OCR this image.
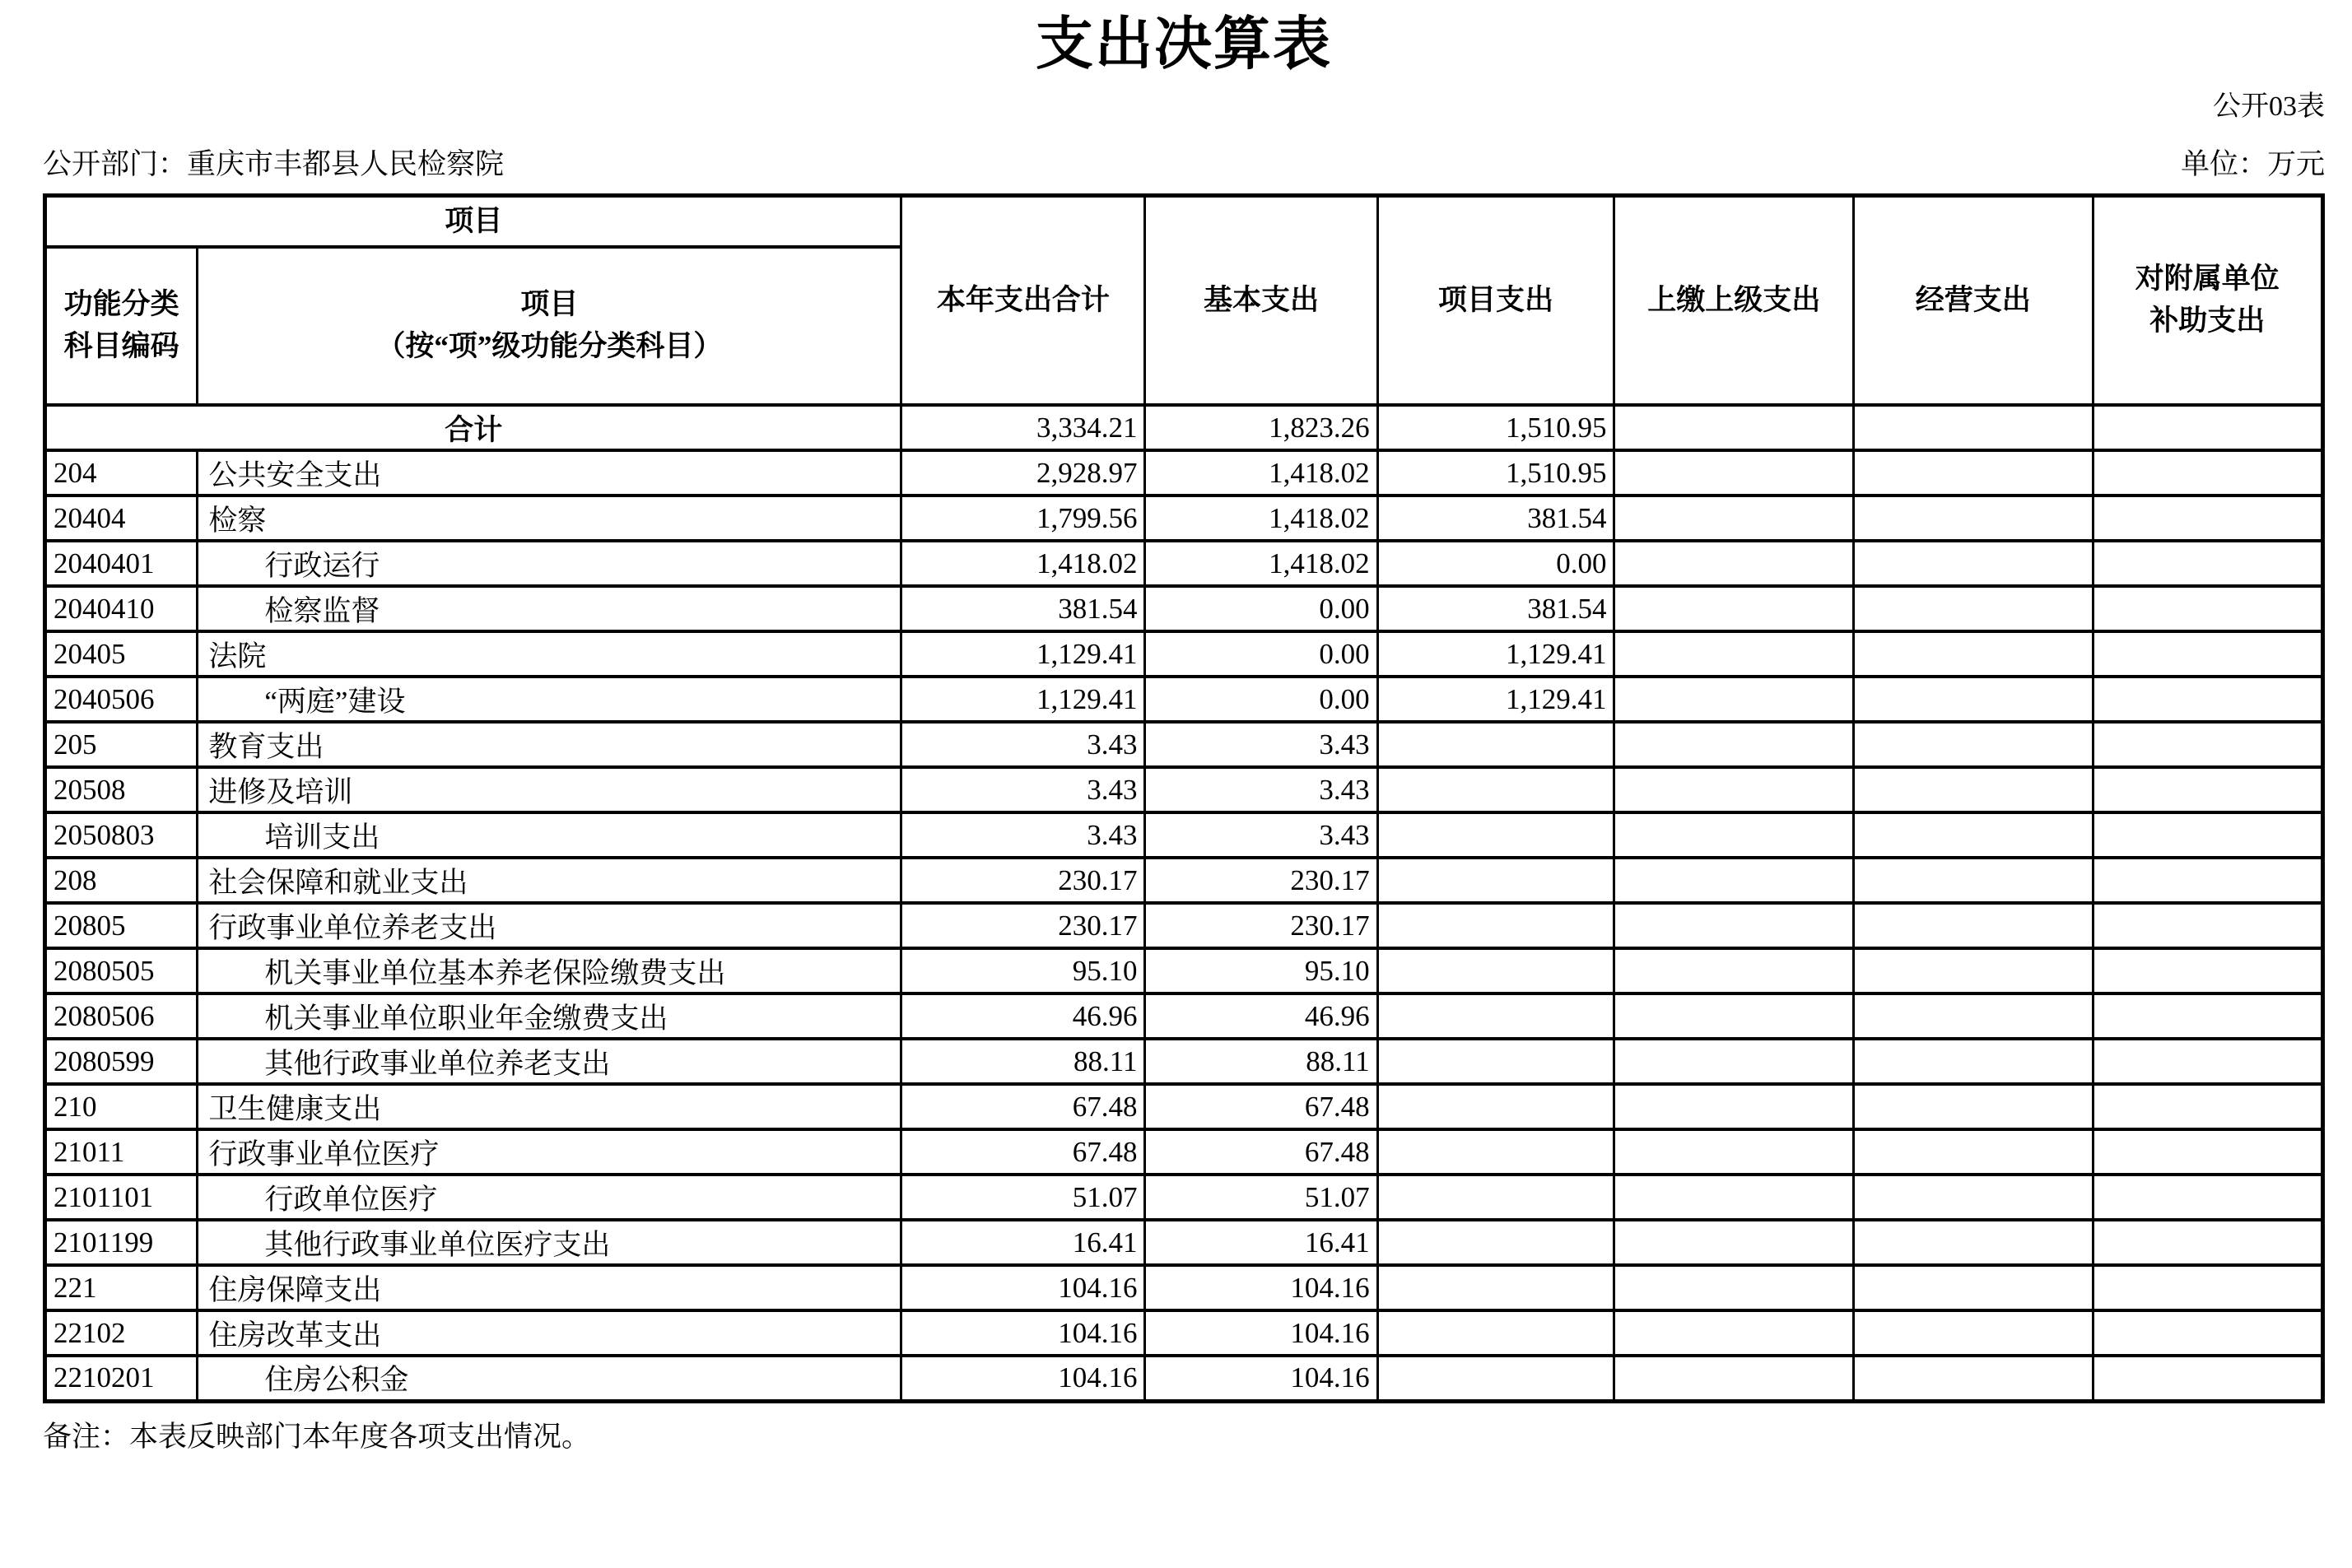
支出决算表
公开03表
公开部门：重庆市丰都县人民检察院	单位：万元
项目		本年支出合计	基本支出	项目支出	上缴上级支出	经营支出	对附属单位
补助支出
功能分类
科目编码	项目
（按“项”级功能分类科目）						
合计		3,334.21	1,823.26	1,510.95			
204	公共安全支出	2,928.97	1,418.02	1,510.95			
20404	检察	1,799.56	1,418.02	381.54			
2040401	行政运行	1,418.02	1,418.02	0.00			
2040410	检察监督	381.54	0.00	381.54			
20405	法院	1,129.41	0.00	1,129.41			
2040506	“两庭”建设	1,129.41	0.00	1,129.41			
205	教育支出	3.43	3.43				
20508	进修及培训	3.43	3.43				
2050803	培训支出	3.43	3.43				
208	社会保障和就业支出	230.17	230.17				
20805	行政事业单位养老支出	230.17	230.17				
2080505	机关事业单位基本养老保险缴费支出	95.10	95.10				
2080506	机关事业单位职业年金缴费支出	46.96	46.96				
2080599	其他行政事业单位养老支出	88.11	88.11				
210	卫生健康支出	67.48	67.48				
21011	行政事业单位医疗	67.48	67.48				
2101101	行政单位医疗	51.07	51.07				
2101199	其他行政事业单位医疗支出	16.41	16.41				
221	住房保障支出	104.16	104.16				
22102	住房改革支出	104.16	104.16				
2210201	住房公积金	104.16	104.16				
备注：本表反映部门本年度各项支出情况。
